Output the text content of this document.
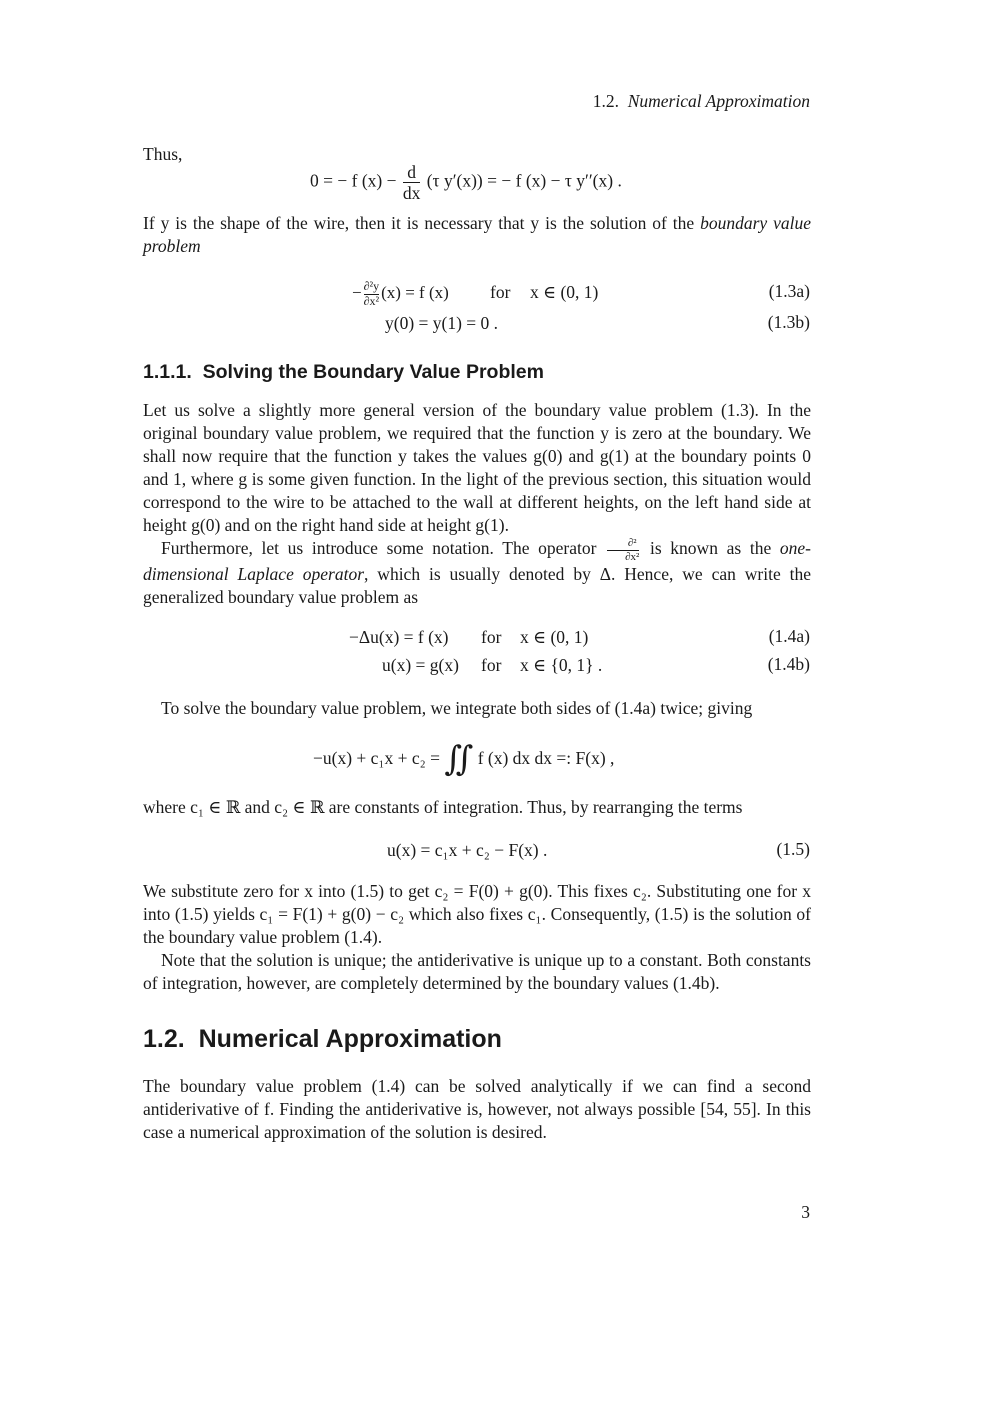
1.2. Numerical Approximation
Thus,
0 = − f $(x) - \frac{d}{dx} (\tau$ y′(x)) = − f (x) − τ y′′(x) .
If y is the shape of the wire, then it is necessary that y is the solution of the boundary value problem
− $\frac{\text{∂²y}}{\text{∂x²}} (x) = f$ (x) for x ∈ (0, 1)	(1.3a)
y(0) = y(1) = 0 .	(1.3b)
1.1.1. Solving the Boundary Value Problem
Let us solve a slightly more general version of the boundary value problem (1.3). In the original boundary value problem, we required that the function y is zero at the boundary. We shall now require that the function y takes the values g(0) and g(1) at the boundary points 0 and 1, where g is some given function. In the light of the previous section, this situation would correspond to the wire to be attached to the wall at different heights, on the left hand side at height g(0) and on the right hand side at height g(1).
Furthermore, let us introduce some notation. The operator $\frac{\text{∂²}}{\text{∂x²}}$ is known as the one-dimensional Laplace operator, which is usually denoted by Δ. Hence, we can write the generalized boundary value problem as
−Δu(x) = f (x) for x ∈ (0, 1)	(1.4a)
u(x) = g(x) for x ∈ {0, 1} .	(1.4b)
To solve the boundary value problem, we integrate both sides of (1.4a) twice; giving
−u(x) + c₁x + c₂ = ∬ f (x) dx dx =: F(x) ,
where c₁ ∈ ℝ and c₂ ∈ ℝ are constants of integration. Thus, by rearranging the terms
u(x) = c₁x + c₂ − F(x) .	(1.5)
We substitute zero for x into (1.5) to get c₂ = F(0) + g(0). This fixes c₂. Substituting one for x into (1.5) yields c₁ = F(1) + g(0) − c₂ which also fixes c₁. Consequently, (1.5) is the solution of the boundary value problem (1.4).
Note that the solution is unique; the antiderivative is unique up to a constant. Both constants of integration, however, are completely determined by the boundary values (1.4b).
1.2. Numerical Approximation
The boundary value problem (1.4) can be solved analytically if we can find a second antiderivative of f. Finding the antiderivative is, however, not always possible [54, 55]. In this case a numerical approximation of the solution is desired.
3
